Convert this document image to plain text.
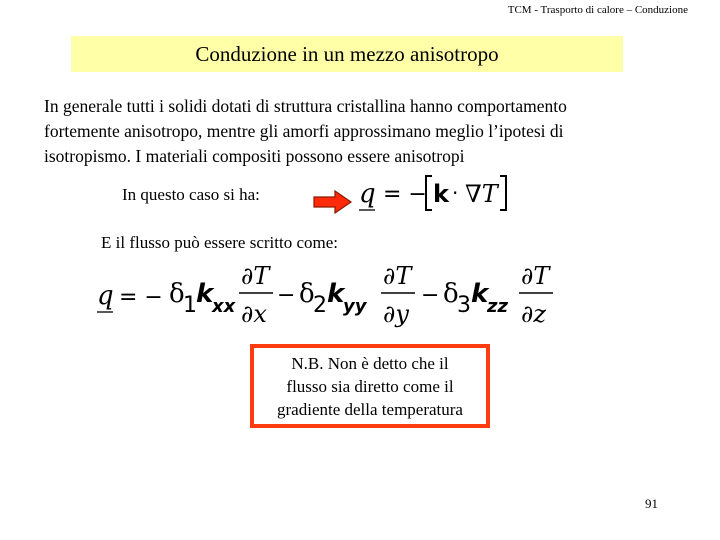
TCM - Trasporto di calore – Conduzione
Conduzione in un mezzo anisotropo
In generale tutti i solidi dotati di struttura cristallina hanno comportamento
fortemente anisotropo, mentre gli amorfi approssimano meglio l’ipotesi di
isotropismo. I materiali compositi possono essere anisotropi
In questo caso si ha:	q = − k · ∇T
E il flusso può essere scritto come:
q = − δ
1 k
xx
∂T
∂x
− δ
2 k
yy
∂T
∂y
− δ
3 k
zz
∂T
∂z
N.B. Non è detto che il
flusso sia diretto come il
gradiente della temperatura
91
